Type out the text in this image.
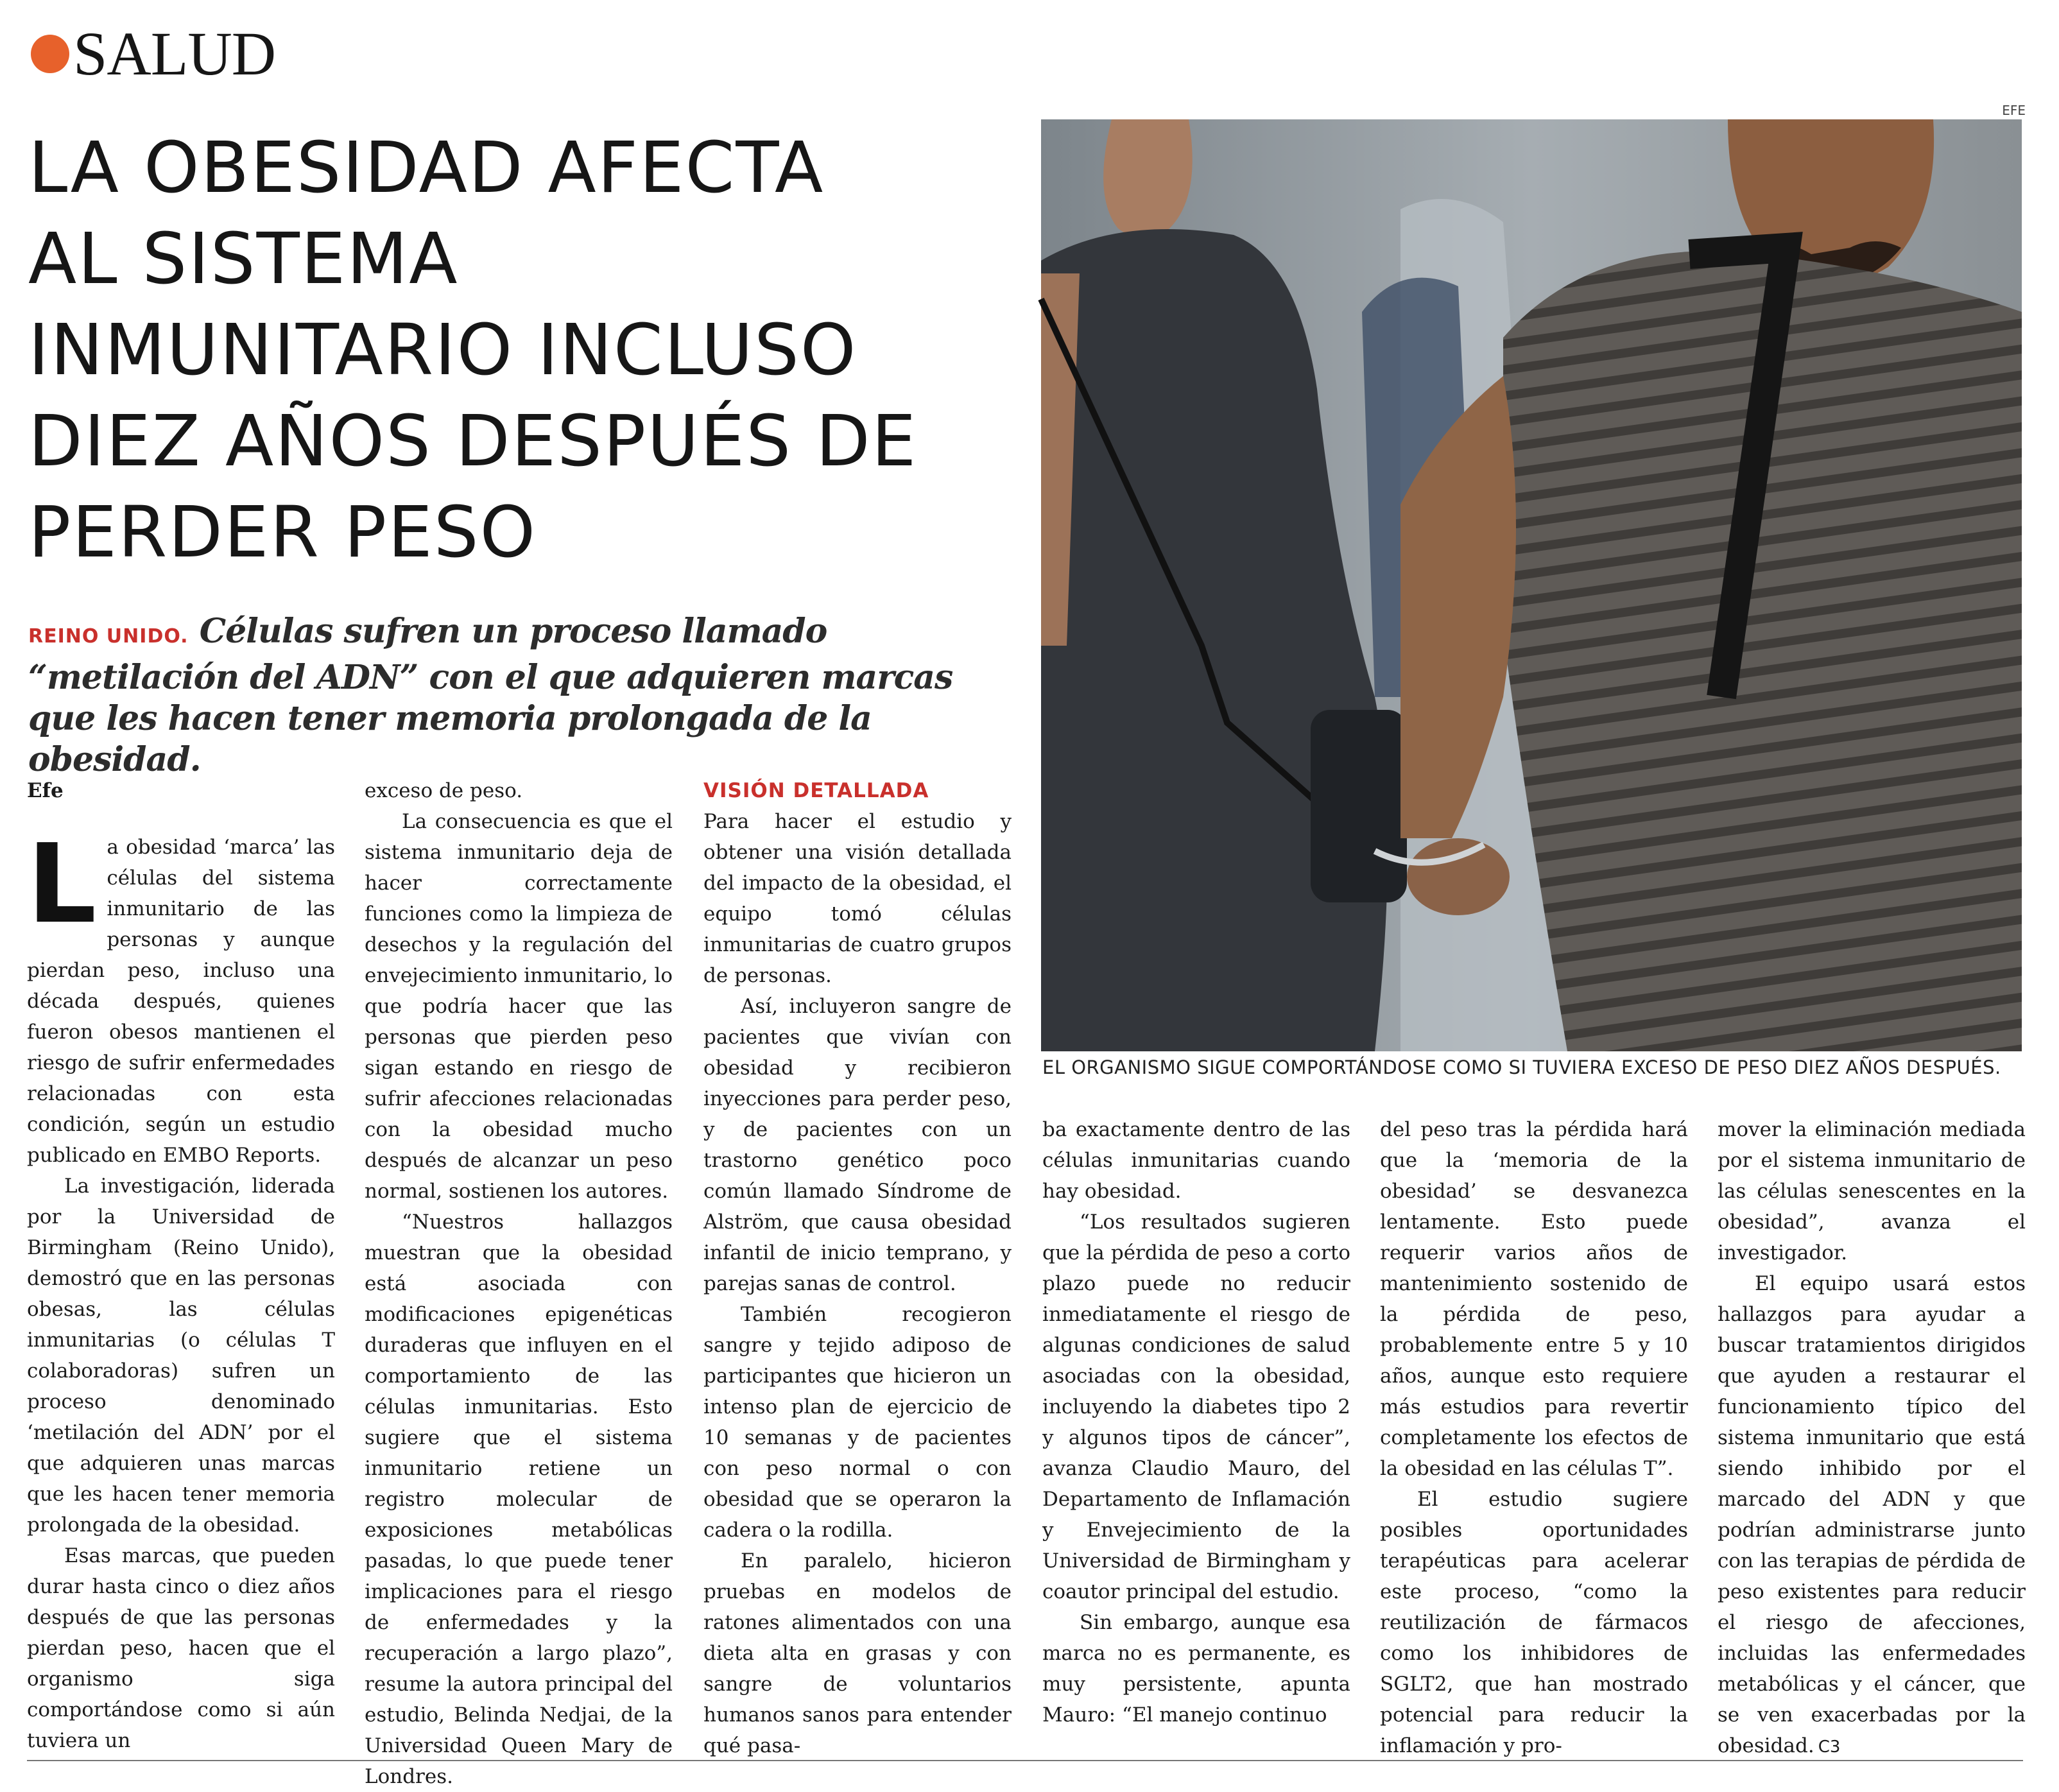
SALUD
LA OBESIDAD AFECTA
AL SISTEMA
INMUNITARIO INCLUSO
DIEZ AÑOS DESPUÉS DE
PERDER PESO

REINO UNIDO. Células sufren un proceso llamado “metilación del ADN” con el que adquieren marcas que les hacen tener memoria prolongada de la obesidad.

EFE
EL ORGANISMO SIGUE COMPORTÁNDOSE COMO SI TUVIERA EXCESO DE PESO DIEZ AÑOS DESPUÉS.

Efe

La obesidad ‘marca’ las células del sistema inmunitario de las personas y aunque pierdan peso, incluso una década después, quienes fueron obesos mantienen el riesgo de sufrir enfermedades relacionadas con esta condición, según un estudio publicado en EMBO Reports.

La investigación, liderada por la Universidad de Birmingham (Reino Unido), demostró que en las personas obesas, las células inmunitarias (o células T colaboradoras) sufren un proceso denominado ‘metilación del ADN’ por el que adquieren unas marcas que les hacen tener memoria prolongada de la obesidad.

Esas marcas, que pueden durar hasta cinco o diez años después de que las personas pierdan peso, hacen que el organismo siga comportándose como si aún tuviera un

exceso de peso.

La consecuencia es que el sistema inmunitario deja de hacer correctamente funciones como la limpieza de desechos y la regulación del envejecimiento inmunitario, lo que podría hacer que las personas que pierden peso sigan estando en riesgo de sufrir afecciones relacionadas con la obesidad mucho después de alcanzar un peso normal, sostienen los autores.

“Nuestros hallazgos muestran que la obesidad está asociada con modificaciones epigenéticas duraderas que influyen en el comportamiento de las células inmunitarias. Esto sugiere que el sistema inmunitario retiene un registro molecular de exposiciones metabólicas pasadas, lo que puede tener implicaciones para el riesgo de enfermedades y la recuperación a largo plazo”, resume la autora principal del estudio, Belinda Nedjai, de la Universidad Queen Mary de Londres.

VISIÓN DETALLADA

Para hacer el estudio y obtener una visión detallada del impacto de la obesidad, el equipo tomó células inmunitarias de cuatro grupos de personas.

Así, incluyeron sangre de pacientes que vivían con obesidad y recibieron inyecciones para perder peso, y de pacientes con un trastorno genético poco común llamado Síndrome de Alström, que causa obesidad infantil de inicio temprano, y parejas sanas de control.

También recogieron sangre y tejido adiposo de participantes que hicieron un intenso plan de ejercicio de 10 semanas y de pacientes con peso normal o con obesidad que se operaron la cadera o la rodilla.

En paralelo, hicieron pruebas en modelos de ratones alimentados con una dieta alta en grasas y con sangre de voluntarios humanos sanos para entender qué pasa-

ba exactamente dentro de las células inmunitarias cuando hay obesidad.

“Los resultados sugieren que la pérdida de peso a corto plazo puede no reducir inmediatamente el riesgo de algunas condiciones de salud asociadas con la obesidad, incluyendo la diabetes tipo 2 y algunos tipos de cáncer”, avanza Claudio Mauro, del Departamento de Inflamación y Envejecimiento de la Universidad de Birmingham y coautor principal del estudio.

Sin embargo, aunque esa marca no es permanente, es muy persistente, apunta Mauro: “El manejo continuo

del peso tras la pérdida hará que la ‘memoria de la obesidad’ se desvanezca lentamente. Esto puede requerir varios años de mantenimiento sostenido de la pérdida de peso, probablemente entre 5 y 10 años, aunque esto requiere más estudios para revertir completamente los efectos de la obesidad en las células T”.

El estudio sugiere posibles oportunidades terapéuticas para acelerar este proceso, “como la reutilización de fármacos como los inhibidores de SGLT2, que han mostrado potencial para reducir la inflamación y pro-

mover la eliminación mediada por el sistema inmunitario de las células senescentes en la obesidad”, avanza el investigador.

El equipo usará estos hallazgos para ayudar a buscar tratamientos dirigidos que ayuden a restaurar el funcionamiento típico del sistema inmunitario que está siendo inhibido por el marcado del ADN y que podrían administrarse junto con las terapias de pérdida de peso existentes para reducir el riesgo de afecciones, incluidas las enfermedades metabólicas y el cáncer, que se ven exacerbadas por la obesidad. C3
